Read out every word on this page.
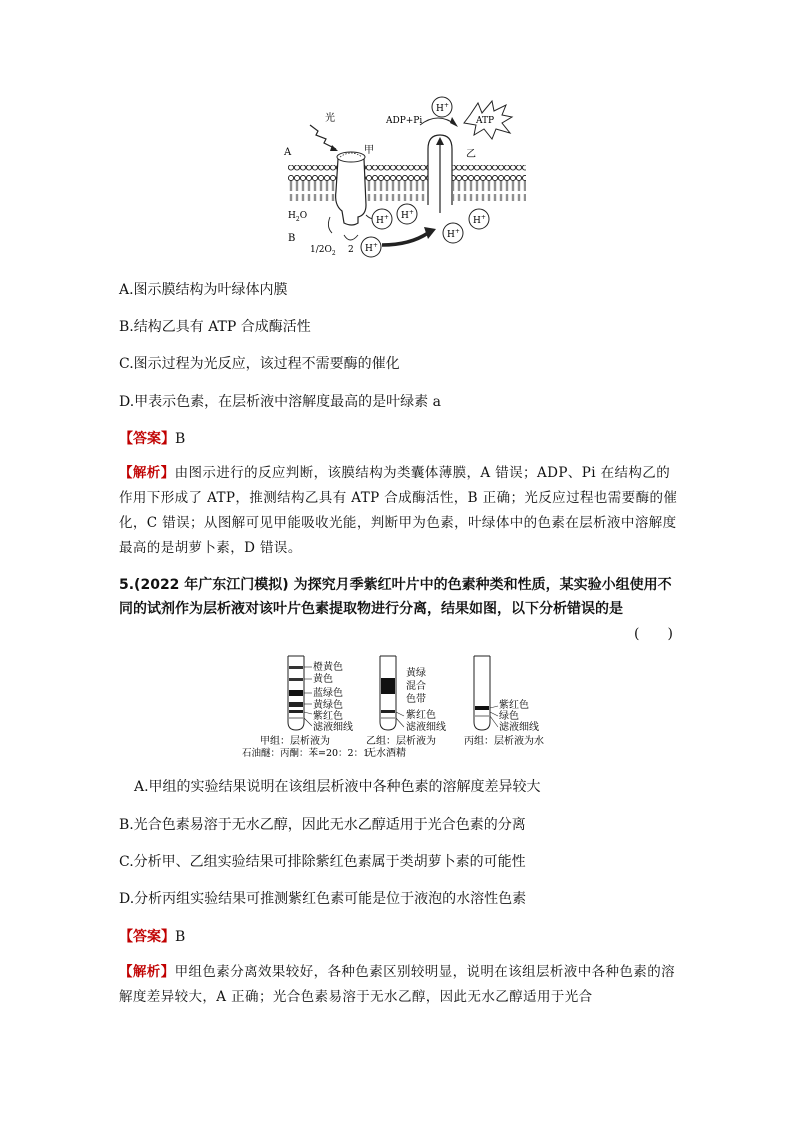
H+
H+ H+
H+
H+
H+
ATP
光
A	甲
ADP+Pi
乙
$H_2O$
B
$1/2O_2$ 2
A.图示膜结构为叶绿体内膜
B.结构乙具有 ATP 合成酶活性
C.图示过程为光反应，该过程不需要酶的催化
D.甲表示色素，在层析液中溶解度最高的是叶绿素 a
【答案】B
【解析】由图示进行的反应判断，该膜结构为类囊体薄膜，A 错误；ADP、Pi 在结构乙的作用下形成了 ATP，推测结构乙具有 ATP 合成酶活性，B 正确；光反应过程也需要酶的催化，C 错误；从图解可见甲能吸收光能，判断甲为色素，叶绿体中的色素在层析液中溶解度最高的是胡萝卜素，D 错误。
5.(2022 年广东江门模拟) 为探究月季紫红叶片中的色素种类和性质，某实验小组使用不同的试剂作为层析液对该叶片色素提取物进行分离，结果如图，以下分析错误的是
(　　)
橙黄色
黄色
蓝绿色
黄绿色
紫红色
滤液细线
甲组：层析液为
石油醚：丙酮：苯=20：2：1
黄绿
混合
色带
紫红色
滤液细线
乙组：层析液为
无水酒精
紫红色
绿色
滤液细线
丙组：层析液为水
A.甲组的实验结果说明在该组层析液中各种色素的溶解度差异较大
B.光合色素易溶于无水乙醇，因此无水乙醇适用于光合色素的分离
C.分析甲、乙组实验结果可排除紫红色素属于类胡萝卜素的可能性
D.分析丙组实验结果可推测紫红色素可能是位于液泡的水溶性色素
【答案】B
【解析】甲组色素分离效果较好，各种色素区别较明显，说明在该组层析液中各种色素的溶解度差异较大，A 正确；光合色素易溶于无水乙醇，因此无水乙醇适用于光合
